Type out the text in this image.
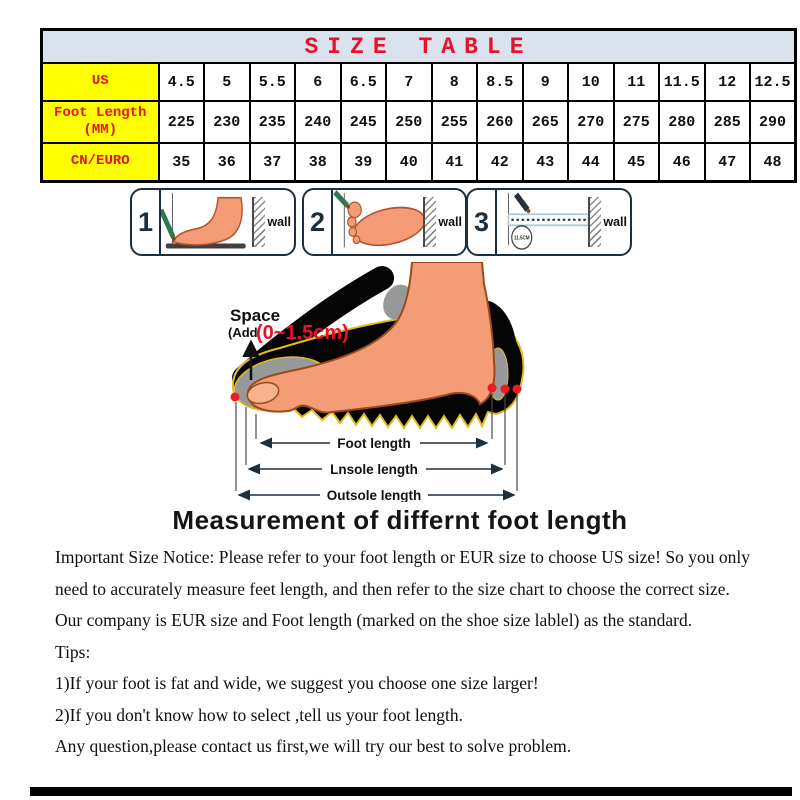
SIZE TABLE														

US	4.5	5	5.5	6	6.5	7	8	8.5	9	10	11	11.5	12	12.5

Foot Length
(MM)	225	230	235	240	245	250	255	260	265	270	275	280	285	290

CN/EURO	35	36	37	38	39	40	41	42	43	44	45	46	47	48
1	wall 2	wall 3
11.5CM
wall
Space
(Add
(0~1.5cm)
Foot length
Lnsole length
Outsole length
Measurement of differnt foot length
Important Size Notice: Please refer to your foot length or EUR size to choose US size! So you only
need to accurately measure feet length, and then refer to the size chart to choose the correct size.
Our company is EUR size and Foot length (marked on the shoe size lablel) as the standard.
Tips:
1)If your foot is fat and wide, we suggest you choose one size larger!
2)If you don't know how to select ,tell us your foot length.
Any question,please contact us first,we will try our best to solve problem.
